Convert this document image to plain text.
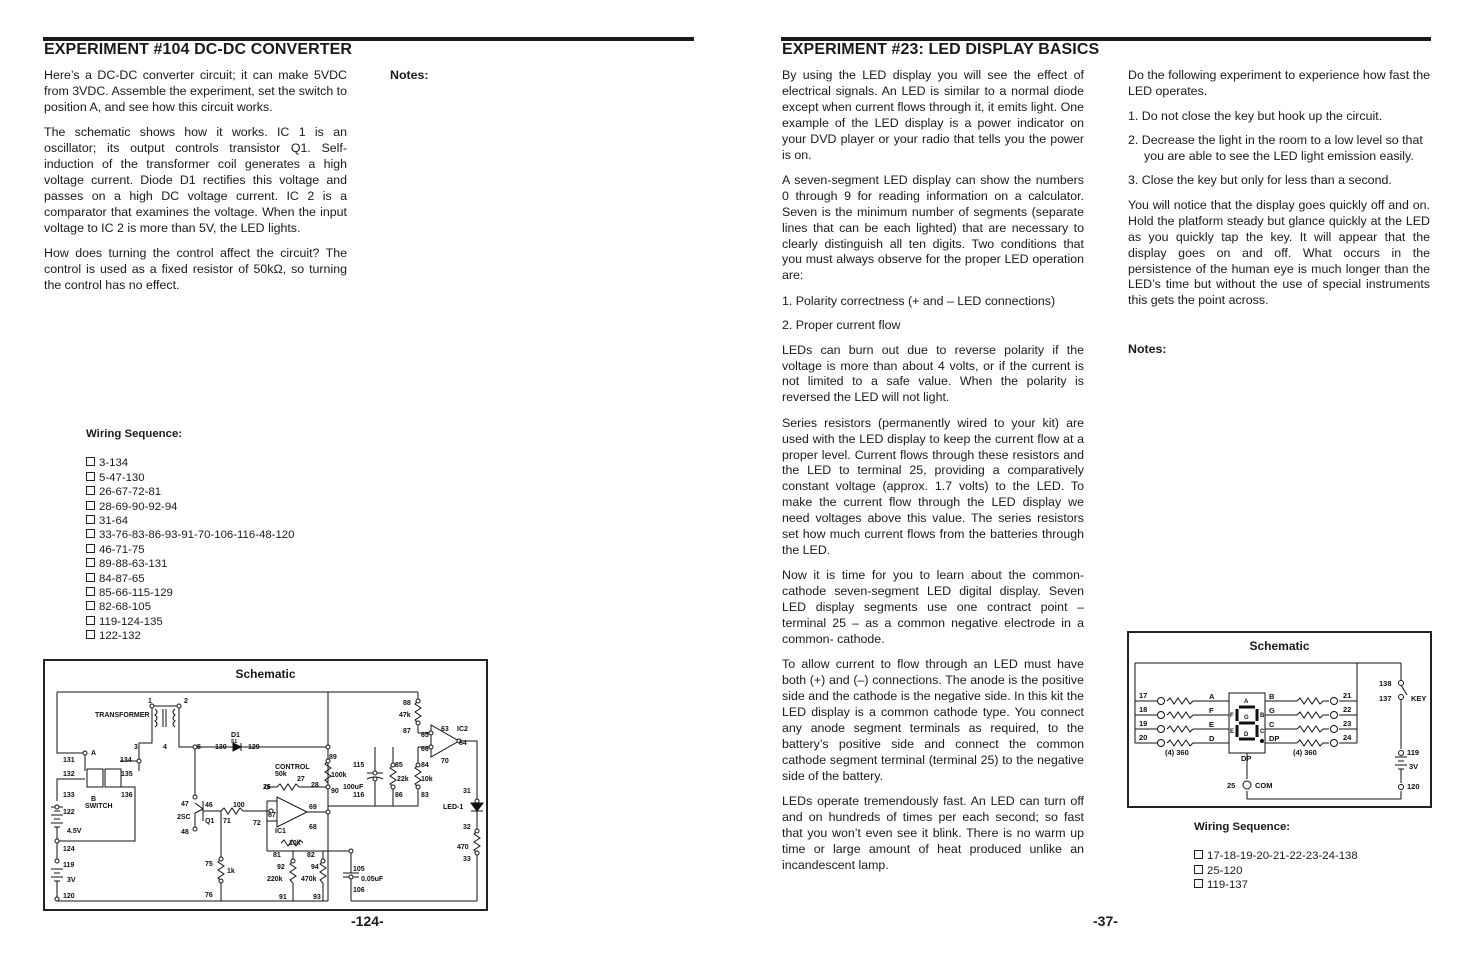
EXPERIMENT #104 DC-DC CONVERTER

Here’s a DC-DC converter circuit; it can make 5VDC from 3VDC. Assemble the experiment, set the switch to position A, and see how this circuit works.

The schematic shows how it works. IC 1 is an oscillator; its output controls transistor Q1. Self-induction of the transformer coil generates a high voltage current. Diode D1 rectifies this voltage and passes on a high DC voltage current. IC 2 is a comparator that examines the voltage. When the input voltage to IC 2 is more than 5V, the LED lights.

How does turning the control affect the circuit? The control is used as a fixed resistor of 50kΩ, so turning the control has no effect.

Notes:
Wiring Sequence:
3-134
5-47-130
26-67-72-81
28-69-90-92-94
31-64
33-76-83-86-93-91-70-106-116-48-120
46-71-75
89-88-63-131
84-87-65
85-66-115-129
82-68-105
119-124-135
122-132
Schematic
TRANSFORMER
1	2
3	4	5
D1
S1
129
131
A
134
130
132	135
133	136
B
SWITCH
122
4.5V
124
119
3V
120
47
2SC
Q1
48
46
71
100
72
75
1k
76
67
69
68
IC1
CONTROL
50k
26
27
28
10k
81	82
92	94
220k	470k
91	93
89
100k
90
115
100uF
116
105
0.05uF
106
88
47k
87
85
22k
86
84
10k
83
65
66
63 IC2
64
70
31
LED-1
32
470
33
-124-
EXPERIMENT #23: LED DISPLAY BASICS

By using the LED display you will see the effect of electrical signals. An LED is similar to a normal diode except when current flows through it, it emits light. One example of the LED display is a power indicator on your DVD player or your radio that tells you the power is on.

A seven-segment LED display can show the numbers 0 through 9 for reading information on a calculator. Seven is the minimum number of segments (separate lines that can be each lighted) that are necessary to clearly distinguish all ten digits. Two conditions that you must always observe for the proper LED operation are:

1. Polarity correctness (+ and – LED connections)
2. Proper current flow

LEDs can burn out due to reverse polarity if the voltage is more than about 4 volts, or if the current is not limited to a safe value. When the polarity is reversed the LED will not light.

Series resistors (permanently wired to your kit) are used with the LED display to keep the current flow at a proper level. Current flows through these resistors and the LED to terminal 25, providing a comparatively constant voltage (approx. 1.7 volts) to the LED. To make the current flow through the LED display we need voltages above this value. The series resistors set how much current flows from the batteries through the LED.

Now it is time for you to learn about the common-cathode seven-segment LED digital display. Seven LED display segments use one contract point – terminal 25 – as a common negative electrode in a common- cathode.

To allow current to flow through an LED must have both (+) and (–) connections. The anode is the positive side and the cathode is the negative side. In this kit the LED display is a common cathode type. You connect any anode segment terminals as required, to the battery’s positive side and connect the common cathode segment terminal (terminal 25) to the negative side of the battery.

LEDs operate tremendously fast. An LED can turn off and on hundreds of times per each second; so fast that you won’t even see it blink. There is no warm up time or large amount of heat produced unlike an incandescent lamp.

Do the following experiment to experience how fast the LED operates.

1. Do not close the key but hook up the circuit.
2. Decrease the light in the room to a low level so that you are able to see the LED light emission easily.
3. Close the key but only for less than a second.

You will notice that the display goes quickly off and on. Hold the platform steady but glance quickly at the LED as you quickly tap the key. It will appear that the display goes on and off. What occurs in the persistence of the human eye is much longer than the LED’s time but without the use of special instruments this gets the point across.

Notes:
Schematic
17
18
19
20
A
F
E
D
(4) 360
B
G
C
DP
(4) 360
21
22
23
24
A
F G B
E D C
DP
25	COM
138
137	KEY
119
3V
120
Wiring Sequence:
17-18-19-20-21-22-23-24-138
25-120
119-137
-37-
